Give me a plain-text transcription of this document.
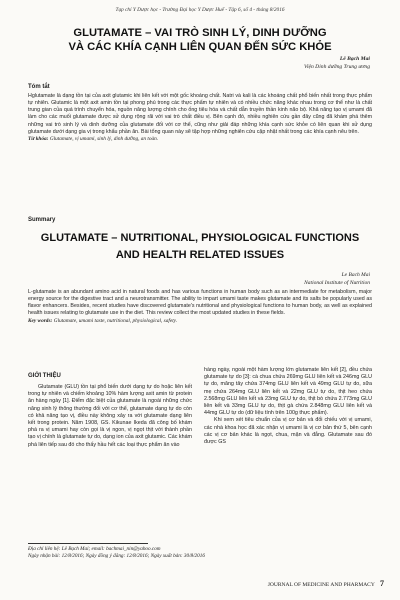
Tạp chí Y Dược học - Trường Đại học Y Dược Huế - Tập 6, số 4 - tháng 8/2016
GLUTAMATE – VAI TRÒ SINH LÝ, DINH DƯỠNG
VÀ CÁC KHÍA CẠNH LIÊN QUAN ĐẾN SỨC KHỎE
Lê Bạch Mai
Viện Dinh dưỡng Trung ương
Tóm tắt
Hglutamate là dạng tồn tại của axit glutamic khi liên kết với một gốc khoáng chất. Natri và kali là các khoáng chất phổ biến nhất trong thực phẩm tự nhiên. Glutamic là một axit amin tồn tại phong phú trong các thực phẩm tự nhiên và có nhiều chức năng khác nhau trong cơ thể như là chất trung gian của quá trình chuyển hóa, nguồn năng lượng chính cho ống tiêu hóa và chất dẫn truyền thần kinh não bộ. Khả năng tạo vị umami đã làm cho các muối glutamate được sử dụng rộng rãi với vai trò chất điều vị. Bên cạnh đó, nhiều nghiên cứu gần đây cũng đã khám phá thêm những vai trò sinh lý và dinh dưỡng của glutamate đối với cơ thể, cũng như giải đáp những khía cạnh sức khỏe có liên quan khi sử dụng glutamate dưới dạng gia vị trong khẩu phần ăn. Bài tổng quan này sẽ tập hợp những nghiên cứu cập nhật nhất trong các khía cạnh nêu trên.
Từ khóa: Glutamate, vị umami, sinh lý, dinh dưỡng, an toàn.
Summary
GLUTAMATE – NUTRITIONAL, PHYSIOLOGICAL FUNCTIONS
AND HEALTH RELATED ISSUES
Le Bach Mai
National Institute of Nutrition
L-glutamate is an abundant amino acid in natural foods and has various functions in human body such as an intermediate for metabolism, major energy source for the digestive tract and a neurotransmitter. The ability to impart umami taste makes glutamate and its salts be popularly used as flavor enhancers. Besides, recent studies have discovered glutamate's nutritional and physiological functions to human body, as well as explained health issues relating to glutamate use in the diet. This review collect the most updated studies in these fields.
Key words: Glutamate, umami taste, nutritional, physiological, safety.
GIỚI THIỆU

Glutamate (GLU) tồn tại phổ biến dưới dạng tự do hoặc liên kết trong tự nhiên và chiếm khoảng 10% hàm lượng axit amin từ protein ăn hàng ngày [1]. Điểm đặc biệt của glutamate là ngoài những chức năng sinh lý thông thường đối với cơ thể, glutamate dạng tự do còn có khả năng tạo vị, điều này không xảy ra với glutamate dạng liên kết trong protein. Năm 1908, GS. Kikunae Ikeda đã công bố khám phá ra vị umami hay còn gọi là vị ngon, vị ngọt thịt với thành phần tạo vị chính là glutamate tự do, dạng ion của axit glutamic. Các khám phá liên tiếp sau đó cho thấy hầu hết các loại thực phẩm ăn vào

hàng ngày, ngoài một hàm lượng lớn glutamate liên kết [2], đều chứa glutamate tự do [3]: cà chua chứa 269mg GLU liên kết và 246mg GLU tự do, măng tây chứa 374mg GLU liên kết và 49mg GLU tự do, sữa mẹ chứa 264mg GLU liên kết và 22mg GLU tự do, thịt heo chứa 2.568mg GLU liên kết và 23mg GLU tự do, thịt bò chứa 2.773mg GLU liên kết và 33mg GLU tự do, thịt gà chứa 2.848mg GLU liên kết và 44mg GLU tự do (dữ liệu tính trên 100g thực phẩm).

Khi xem xét tiêu chuẩn của vị cơ bản và đối chiếu với vị umami, các nhà khoa học đã xác nhận vị umami là vị cơ bản thứ 5, bên cạnh các vị cơ bản khác là ngọt, chua, mặn và đắng. Glutamate sau đó được GS

Địa chỉ liên hệ: Lê Bạch Mai; email: bachmai_nin@yahoo.com
Ngày nhận bài: 12/8/2016; Ngày đồng ý đăng: 12/8/2016; Ngày xuất bản: 30/8/2016
JOURNAL OF MEDICINE AND PHARMACY 7
